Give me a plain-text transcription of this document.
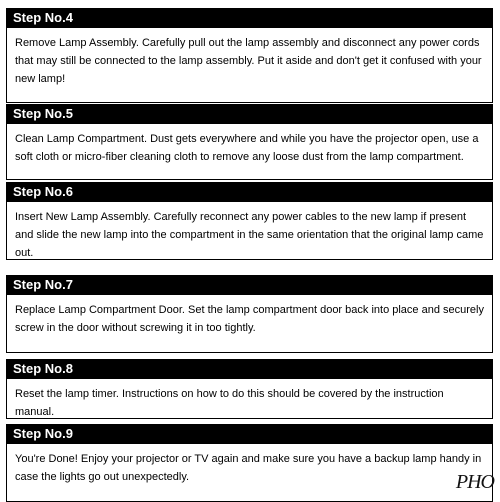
Step No.4
Remove Lamp Assembly. Carefully pull out the lamp assembly and disconnect any power cords that may still be connected to the lamp assembly. Put it aside and don't get it confused with your new lamp!
Step No.5
Clean Lamp Compartment. Dust gets everywhere and while you have the projector open, use a soft cloth or micro-fiber cleaning cloth to remove any loose dust from the lamp compartment.
Step No.6
Insert New Lamp Assembly. Carefully reconnect any power cables to the new lamp if present and slide the new lamp into the compartment in the same orientation that the original lamp came out.
Step No.7
Replace Lamp Compartment Door. Set the lamp compartment door back into place and securely screw in the door without screwing it in too tightly.
Step No.8
Reset the lamp timer. Instructions on how to do this should be covered by the instruction manual.
Step No.9
You're Done! Enjoy your projector or TV again and make sure you have a backup lamp handy in case the lights go out unexpectedly.	PHO
